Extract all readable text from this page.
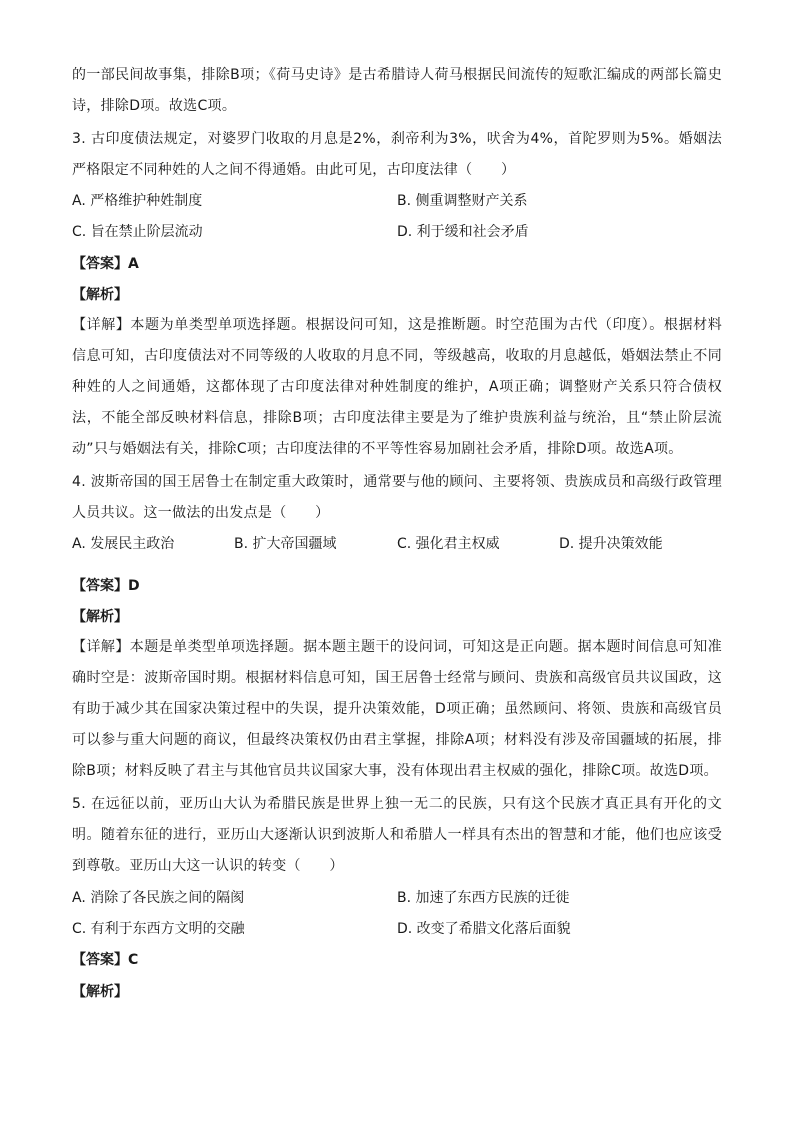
的一部民间故事集，排除B项；《荷马史诗》是古希腊诗人荷马根据民间流传的短歌汇编成的两部长篇史诗，排除D项。故选C项。
3. 古印度债法规定，对婆罗门收取的月息是2%，刹帝利为3%，吠舍为4%，首陀罗则为5%。婚姻法严格限定不同种姓的人之间不得通婚。由此可见，古印度法律（　　）
A. 严格维护种姓制度	B. 侧重调整财产关系
C. 旨在禁止阶层流动	D. 利于缓和社会矛盾
【答案】A
【解析】
【详解】本题为单类型单项选择题。根据设问可知，这是推断题。时空范围为古代（印度）。根据材料信息可知，古印度债法对不同等级的人收取的月息不同，等级越高，收取的月息越低，婚姻法禁止不同种姓的人之间通婚，这都体现了古印度法律对种姓制度的维护，A项正确；调整财产关系只符合债权法，不能全部反映材料信息，排除B项；古印度法律主要是为了维护贵族利益与统治，且“禁止阶层流动”只与婚姻法有关，排除C项；古印度法律的不平等性容易加剧社会矛盾，排除D项。故选A项。
4. 波斯帝国的国王居鲁士在制定重大政策时，通常要与他的顾问、主要将领、贵族成员和高级行政管理人员共议。这一做法的出发点是（　　）
A. 发展民主政治	B. 扩大帝国疆域	C. 强化君主权威	D. 提升决策效能
【答案】D
【解析】
【详解】本题是单类型单项选择题。据本题主题干的设问词，可知这是正向题。据本题时间信息可知准确时空是：波斯帝国时期。根据材料信息可知，国王居鲁士经常与顾问、贵族和高级官员共议国政，这有助于减少其在国家决策过程中的失误，提升决策效能，D项正确；虽然顾问、将领、贵族和高级官员可以参与重大问题的商议，但最终决策权仍由君主掌握，排除A项；材料没有涉及帝国疆域的拓展，排除B项；材料反映了君主与其他官员共议国家大事，没有体现出君主权威的强化，排除C项。故选D项。
5. 在远征以前，亚历山大认为希腊民族是世界上独一无二的民族，只有这个民族才真正具有开化的文明。随着东征的进行，亚历山大逐渐认识到波斯人和希腊人一样具有杰出的智慧和才能，他们也应该受到尊敬。亚历山大这一认识的转变（　　）
A. 消除了各民族之间的隔阂	B. 加速了东西方民族的迁徙
C. 有利于东西方文明的交融	D. 改变了希腊文化落后面貌
【答案】C
【解析】
